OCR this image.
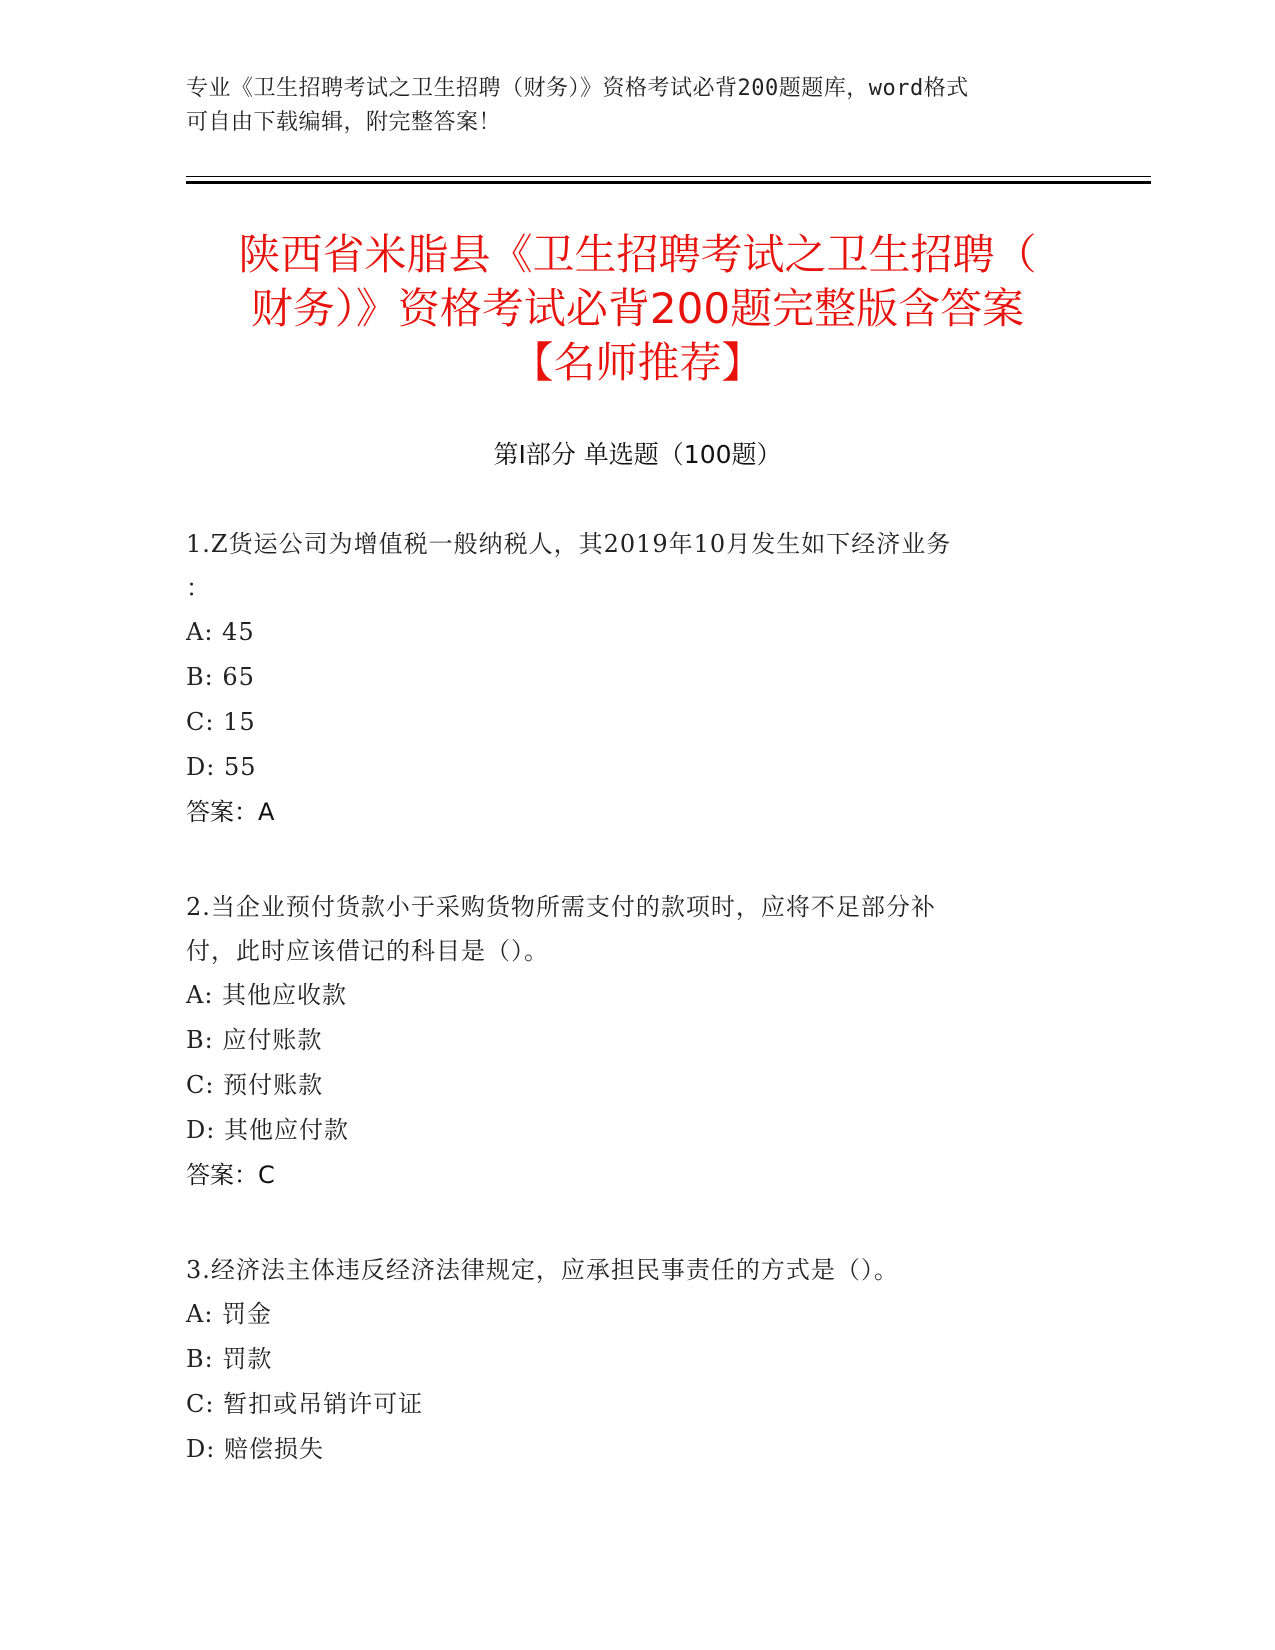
专业《卫生招聘考试之卫生招聘（财务）》资格考试必背200题题库，word格式
可自由下载编辑，附完整答案！
陕西省米脂县《卫生招聘考试之卫生招聘（
财务）》资格考试必背200题完整版含答案
【名师推荐】
第I部分 单选题（100题）

1.Z货运公司为增值税一般纳税人，其2019年10月发生如下经济业务
：

A: 45
B: 65
C: 15
D: 55
答案：A

2.当企业预付货款小于采购货物所需支付的款项时，应将不足部分补
付，此时应该借记的科目是（）。

A: 其他应收款
B: 应付账款
C: 预付账款
D: 其他应付款
答案：C

3.经济法主体违反经济法律规定，应承担民事责任的方式是（）。

A: 罚金
B: 罚款
C: 暂扣或吊销许可证
D: 赔偿损失
